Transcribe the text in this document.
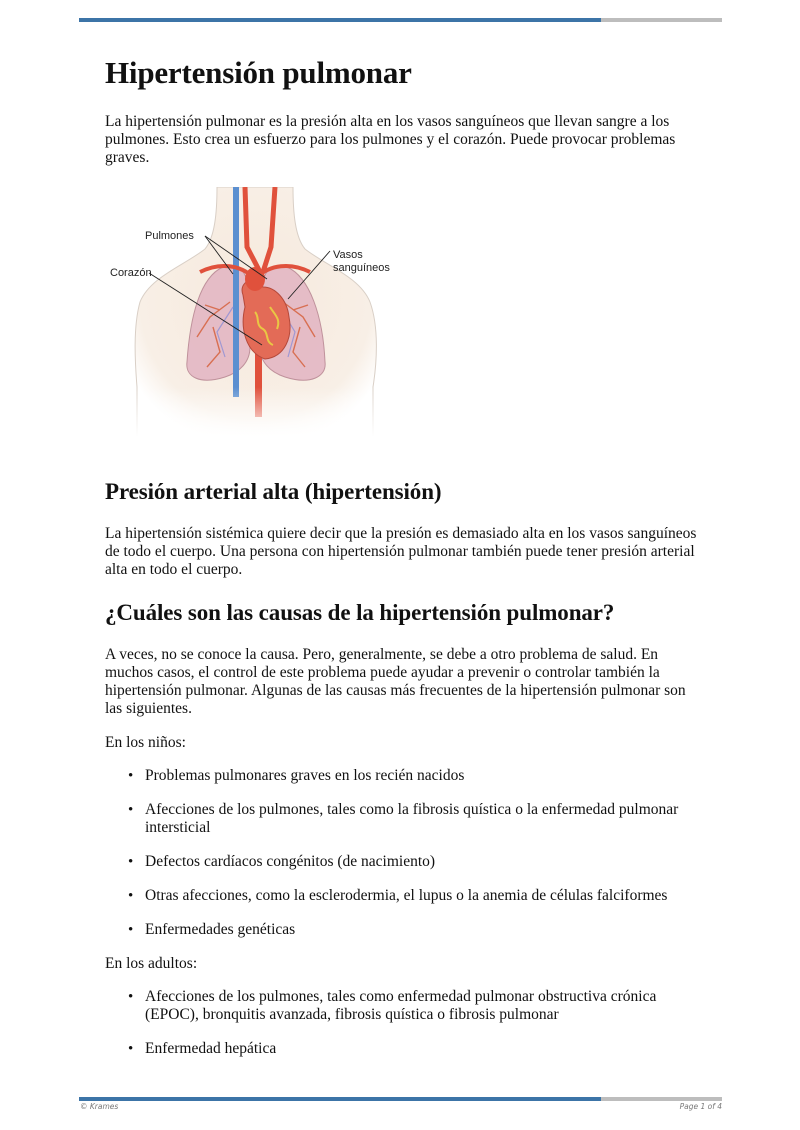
Hipertensión pulmonar

La hipertensión pulmonar es la presión alta en los vasos sanguíneos que llevan sangre a los pulmones. Esto crea un esfuerzo para los pulmones y el corazón. Puede provocar problemas graves.

Pulmones
Corazón
Vasos
sanguíneos
Presión arterial alta (hipertensión)

La hipertensión sistémica quiere decir que la presión es demasiado alta en los vasos sanguíneos de todo el cuerpo. Una persona con hipertensión pulmonar también puede tener presión arterial alta en todo el cuerpo.

¿Cuáles son las causas de la hipertensión pulmonar?

A veces, no se conoce la causa. Pero, generalmente, se debe a otro problema de salud. En muchos casos, el control de este problema puede ayudar a prevenir o controlar también la hipertensión pulmonar. Algunas de las causas más frecuentes de la hipertensión pulmonar son las siguientes.

En los niños:

• Problemas pulmonares graves en los recién nacidos
• Afecciones de los pulmones, tales como la fibrosis quística o la enfermedad pulmonar intersticial
• Defectos cardíacos congénitos (de nacimiento)
• Otras afecciones, como la esclerodermia, el lupus o la anemia de células falciformes
• Enfermedades genéticas

En los adultos:

• Afecciones de los pulmones, tales como enfermedad pulmonar obstructiva crónica (EPOC), bronquitis avanzada, fibrosis quística o fibrosis pulmonar
• Enfermedad hepática
© Krames	Page 1 of 4
